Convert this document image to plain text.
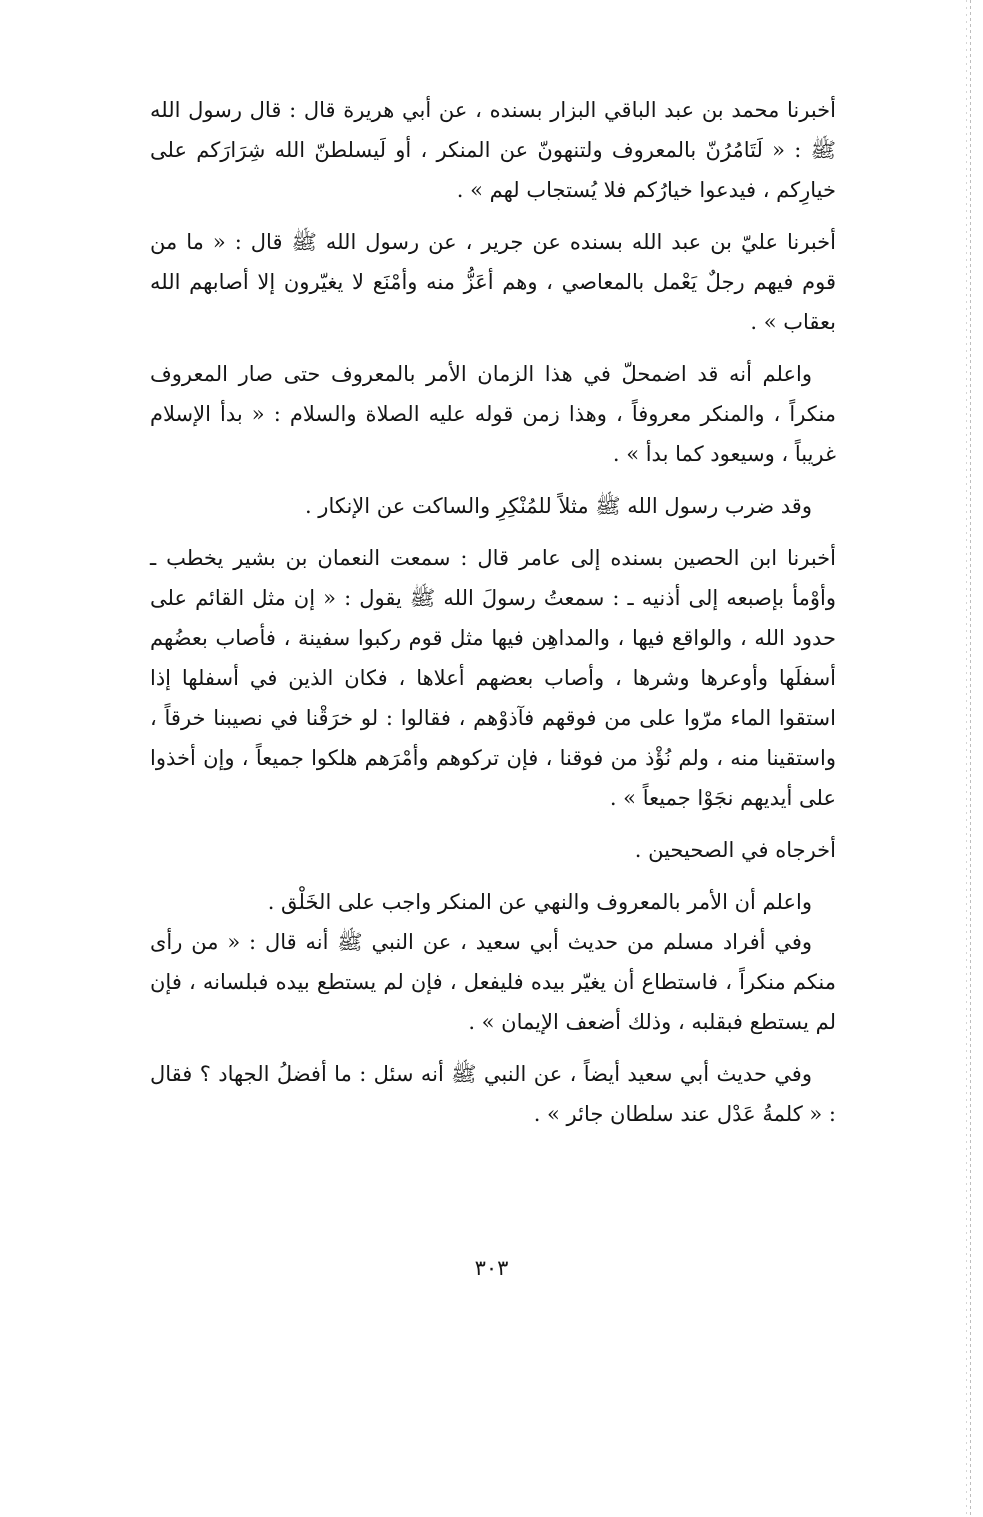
أخبرنا محمد بن عبد الباقي البزار بسنده ، عن أبي هريرة قال : قال رسول الله ﷺ : « لَتَامُرُنّ بالمعروف ولتنهونّ عن المنكر ، أو لَيسلطنّ الله شِرَارَكم على خيارِكم ، فيدعوا خيارُكم فلا يُستجاب لهم » .

أخبرنا عليّ بن عبد الله بسنده عن جرير ، عن رسول الله ﷺ قال : « ما من قوم فيهم رجلٌ يَعْمل بالمعاصي ، وهم أعَزُّ منه وأمْنَع لا يغيّرون إلا أصابهم الله بعقاب » .

واعلم أنه قد اضمحلّ في هذا الزمان الأمر بالمعروف حتى صار المعروف منكراً ، والمنكر معروفاً ، وهذا زمن قوله عليه الصلاة والسلام : « بدأ الإسلام غريباً ، وسيعود كما بدأ » .

وقد ضرب رسول الله ﷺ مثلاً للمُنْكِرِ والساكت عن الإنكار .

أخبرنا ابن الحصين بسنده إلى عامر قال : سمعت النعمان بن بشير يخطب ـ وأوْمأ بإصبعه إلى أذنيه ـ : سمعتُ رسولَ الله ﷺ يقول : « إن مثل القائم على حدود الله ، والواقع فيها ، والمداهِن فيها مثل قوم ركبوا سفينة ، فأصاب بعضُهم أسفلَها وأوعرها وشرها ، وأصاب بعضهم أعلاها ، فكان الذين في أسفلها إذا استقوا الماء مرّوا على من فوقهم فآذوْهم ، فقالوا : لو خرَقْنا في نصيبنا خرقاً ، واستقينا منه ، ولم نُؤْذ من فوقنا ، فإن تركوهم وأمْرَهم هلكوا جميعاً ، وإن أخذوا على أيديهم نجَوْا جميعاً » .

أخرجاه في الصحيحين .

واعلم أن الأمر بالمعروف والنهي عن المنكر واجب على الخَلْق .

وفي أفراد مسلم من حديث أبي سعيد ، عن النبي ﷺ أنه قال : « من رأى منكم منكراً ، فاستطاع أن يغيّر بيده فليفعل ، فإن لم يستطع بيده فبلسانه ، فإن لم يستطع فبقلبه ، وذلك أضعف الإيمان » .

وفي حديث أبي سعيد أيضاً ، عن النبي ﷺ أنه سئل : ما أفضلُ الجهاد ؟ فقال : « كلمةُ عَدْل عند سلطان جائر » .

٣٠٣
